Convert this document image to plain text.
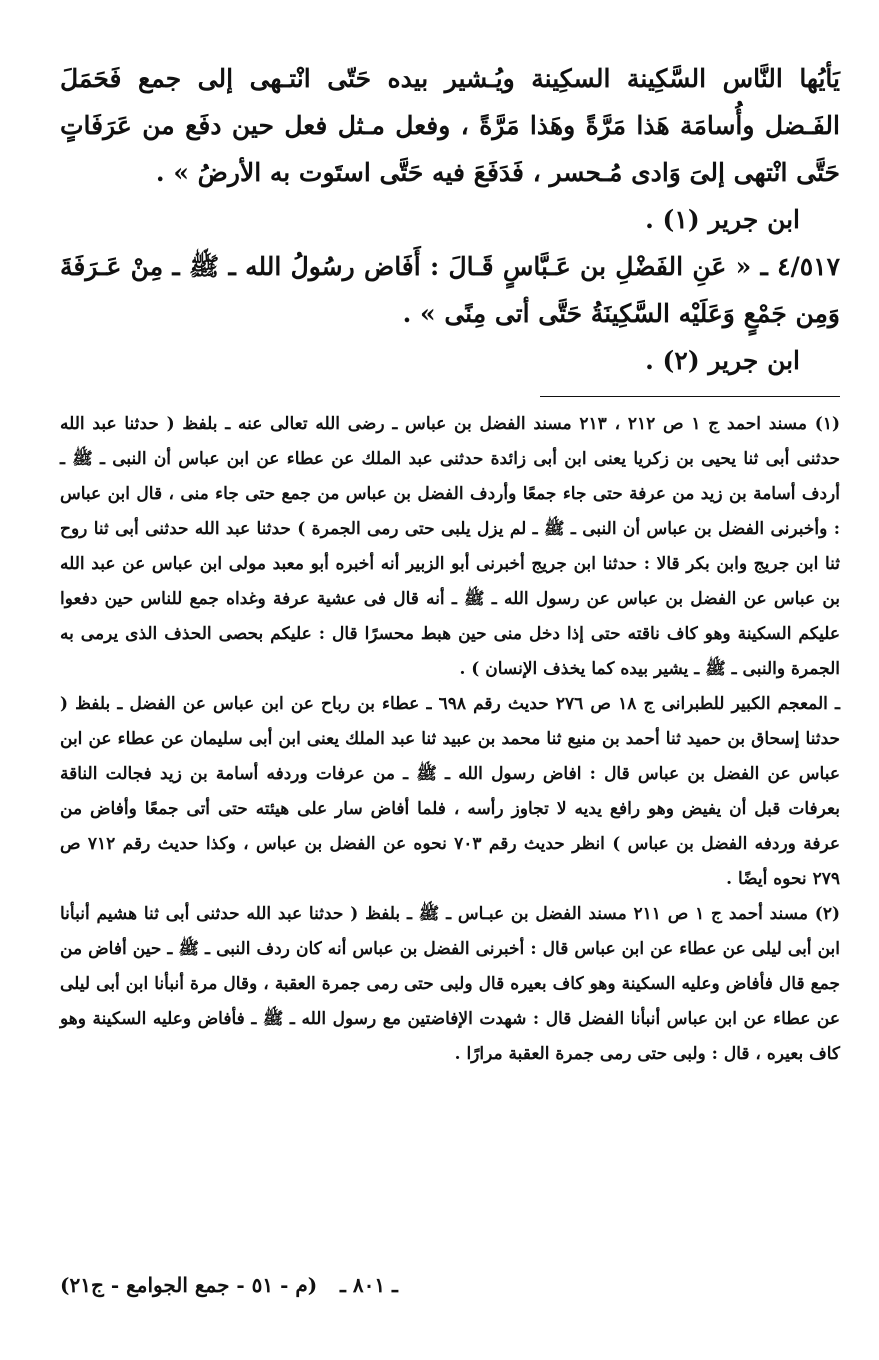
يَأيُها النَّاس السَّكِينة السكِينة ويُـشير بيده حَتّى انْتـهى إلى جمع فَحَمَلَ الفَـضل وأُسامَة هَذا مَرَّةً وهَذا مَرَّةً ، وفعل مـثل فعل حين دفَع من عَرَفَاتٍ حَتَّى انْتهى إلىَ وَادى مُـحسر ، فَدَفَعَ فيه حَتَّى استَوت به الأرضُ » .

ابن جرير (١) .

٤/٥١٧ ـ « عَنِ الفَضْلِ بن عَـبَّاسٍ قَـالَ : أَفَاض رسُولُ الله ـ ﷺ ـ مِنْ عَـرَفَةَ وَمِن جَمْعٍ وَعَلَيْه السَّكِينَةُ حَتَّى أتى مِنًى » .

ابن جرير (٢) .

(١) مسند احمد ج ١ ص ٢١٢ ، ٢١٣ مسند الفضل بن عباس ـ رضى الله تعالى عنه ـ بلفظ ( حدثنا عبد الله حدثنى أبى ثنا يحيى بن زكريا يعنى ابن أبى زائدة حدثنى عبد الملك عن عطاء عن ابن عباس أن النبى ـ ﷺ ـ أردف أسامة بن زيد من عرفة حتى جاء جمعًا وأردف الفضل بن عباس من جمع حتى جاء منى ، قال ابن عباس : وأخبرنى الفضل بن عباس أن النبى ـ ﷺ ـ لم يزل يلبى حتى رمى الجمرة ) حدثنا عبد الله حدثنى أبى ثنا روح ثنا ابن جريج وابن بكر قالا : حدثنا ابن جريج أخبرنى أبو الزبير أنه أخبره أبو معبد مولى ابن عباس عن عبد الله بن عباس عن الفضل بن عباس عن رسول الله ـ ﷺ ـ أنه قال فى عشية عرفة وغداه جمع للناس حين دفعوا عليكم السكينة وهو كاف ناقته حتى إذا دخل منى حين هبط محسرًا قال : عليكم بحصى الحذف الذى يرمى به الجمرة والنبى ـ ﷺ ـ يشير بيده كما يخذف الإنسان ) .

ـ المعجم الكبير للطبرانى ج ١٨ ص ٢٧٦ حديث رقم ٦٩٨ ـ عطاء بن رباح عن ابن عباس عن الفضل ـ بلفظ ( حدثنا إسحاق بن حميد ثنا أحمد بن منيع ثنا محمد بن عبيد ثنا عبد الملك يعنى ابن أبى سليمان عن عطاء عن ابن عباس عن الفضل بن عباس قال : افاض رسول الله ـ ﷺ ـ من عرفات وردفه أسامة بن زيد فجالت الناقة بعرفات قبل أن يفيض وهو رافع يديه لا تجاوز رأسه ، فلما أفاض سار على هيئته حتى أتى جمعًا وأفاض من عرفة وردفه الفضل بن عباس ) انظر حديث رقم ٧٠٣ نحوه عن الفضل بن عباس ، وكذا حديث رقم ٧١٢ ص ٢٧٩ نحوه أيضًا .

(٢) مسند أحمد ج ١ ص ٢١١ مسند الفضل بن عبـاس ـ ﷺ ـ بلفظ ( حدثنا عبد الله حدثنى أبى ثنا هشيم أنبأنا ابن أبى ليلى عن عطاء عن ابن عباس قال : أخبرنى الفضل بن عباس أنه كان ردف النبى ـ ﷺ ـ حين أفاض من جمع قال فأفاض وعليه السكينة وهو كاف بعيره قال ولبى حتى رمى جمرة العقبة ، وقال مرة أنبأنا ابن أبى ليلى عن عطاء عن ابن عباس أنبأنا الفضل قال : شهدت الإفاضتين مع رسول الله ـ ﷺ ـ فأفاض وعليه السكينة وهو كاف بعيره ، قال : ولبى حتى رمى جمرة العقبة مرارًا .

ـ ٨٠١ ـ
(م - ٥١ - جمع الجوامع - ج٢١)
